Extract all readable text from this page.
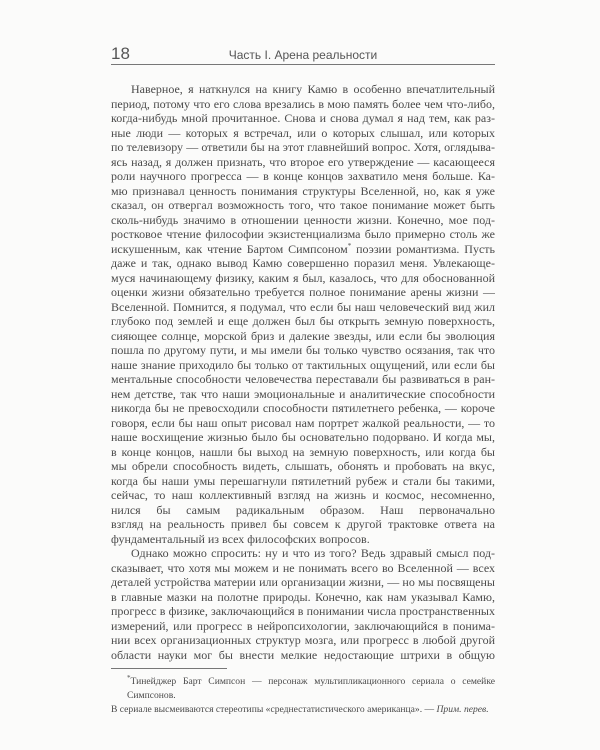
18	Часть I. Арена реальности
Наверное, я наткнулся на книгу Камю в особенно впечатлительный
период, потому что его слова врезались в мою память более чем что-либо,
когда-нибудь мной прочитанное. Снова и снова думал я над тем, как раз-
ные люди — которых я встречал, или о которых слышал, или которых
по телевизору — ответили бы на этот главнейший вопрос. Хотя, оглядыва-
ясь назад, я должен признать, что второе его утверждение — касающееся
роли научного прогресса — в конце концов захватило меня больше. Ка-
мю признавал ценность понимания структуры Вселенной, но, как я уже
сказал, он отвергал возможность того, что такое понимание может быть
сколь-нибудь значимо в отношении ценности жизни. Конечно, мое под-
ростковое чтение философии экзистенциализма было примерно столь же
искушенным, как чтение Бартом Симпсоном* поэзии романтизма. Пусть
даже и так, однако вывод Камю совершенно поразил меня. Увлекающе-
муся начинающему физику, каким я был, казалось, что для обоснованной
оценки жизни обязательно требуется полное понимание арены жизни —
Вселенной. Помнится, я подумал, что если бы наш человеческий вид жил
глубоко под землей и еще должен был бы открыть земную поверхность,
сияющее солнце, морской бриз и далекие звезды, или если бы эволюция
пошла по другому пути, и мы имели бы только чувство осязания, так что
наше знание приходило бы только от тактильных ощущений, или если бы
ментальные способности человечества переставали бы развиваться в ран-
нем детстве, так что наши эмоциональные и аналитические способности
никогда бы не превосходили способности пятилетнего ребенка, — короче
говоря, если бы наш опыт рисовал нам портрет жалкой реальности, — то
наше восхищение жизнью было бы основательно подорвано. И когда мы,
в конце концов, нашли бы выход на земную поверхность, или когда бы
мы обрели способность видеть, слышать, обонять и пробовать на вкус,
когда бы наши умы перешагнули пятилетний рубеж и стали бы такими,
сейчас, то наш коллективный взгляд на жизнь и космос, несомненно,
нился бы самым радикальным образом. Наш первоначально
взгляд на реальность привел бы совсем к другой трактовке ответа на
фундаментальный из всех философских вопросов.
Однако можно спросить: ну и что из того? Ведь здравый смысл под-
сказывает, что хотя мы можем и не понимать всего во Вселенной — всех
деталей устройства материи или организации жизни, — но мы посвящены
в главные мазки на полотне природы. Конечно, как нам указывал Камю,
прогресс в физике, заключающийся в понимании числа пространственных
измерений, или прогресс в нейропсихологии, заключающийся в понима-
нии всех организационных структур мозга, или прогресс в любой другой
области науки мог бы внести мелкие недостающие штрихи в общую
*Тинейджер Барт Симпсон — персонаж мультипликационного сериала о семейке Симпсонов.
В сериале высмеиваются стереотипы «среднестатистического американца». — Прим. перев.
